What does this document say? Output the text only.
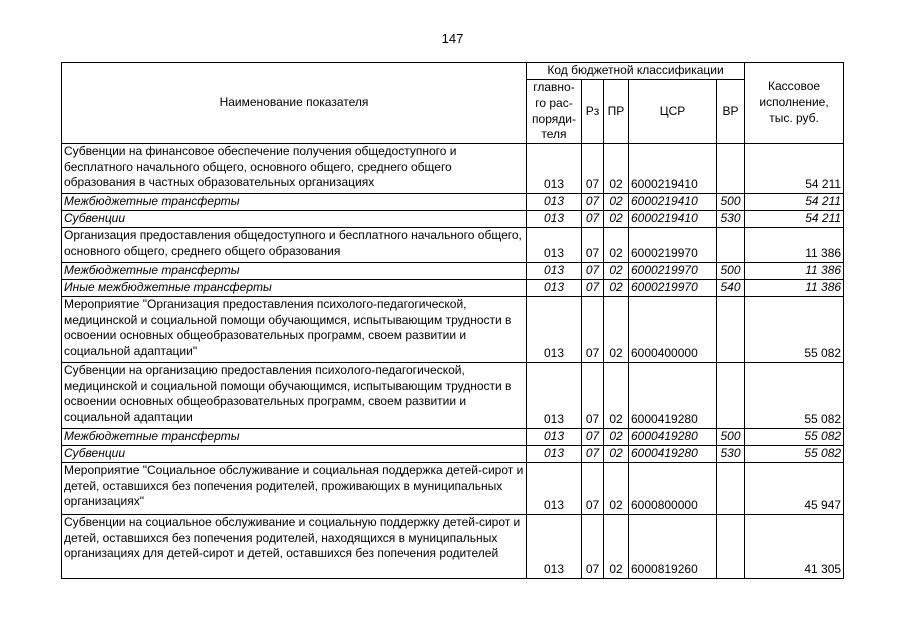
147
Наименование показателя	Код бюджетной классификации					Кассовое исполнение, тыс. руб.
	главно-го рас-поряди-теля	Рз	ПР	ЦСР	ВР	
Субвенции на финансовое обеспечение получения общедоступного и бесплатного начального общего, основного общего, среднего общего образования в частных образовательных организациях	013	07	02	6000219410		54 211
Межбюджетные трансферты	013	07	02	6000219410	500	54 211
Субвенции	013	07	02	6000219410	530	54 211
Организация предоставления общедоступного и бесплатного начального общего, основного общего, среднего общего образования	013	07	02	6000219970		11 386
Межбюджетные трансферты	013	07	02	6000219970	500	11 386
Иные межбюджетные трансферты	013	07	02	6000219970	540	11 386
Мероприятие "Организация предоставления психолого-педагогической, медицинской и социальной помощи обучающимся, испытывающим трудности в освоении основных общеобразовательных программ, своем развитии и социальной адаптации"	013	07	02	6000400000		55 082
Субвенции на организацию предоставления психолого-педагогической, медицинской и социальной помощи обучающимся, испытывающим трудности в освоении основных общеобразовательных программ, своем развитии и социальной адаптации	013	07	02	6000419280		55 082
Межбюджетные трансферты	013	07	02	6000419280	500	55 082
Субвенции	013	07	02	6000419280	530	55 082
Мероприятие "Социальное обслуживание и социальная поддержка детей-сирот и детей, оставшихся без попечения родителей, проживающих в муниципальных организациях"	013	07	02	6000800000		45 947
Субвенции на социальное обслуживание и социальную поддержку детей-сирот и детей, оставшихся без попечения родителей, находящихся в муниципальных организациях для детей-сирот и детей, оставшихся без попечения родителей	013	07	02	6000819260		41 305
